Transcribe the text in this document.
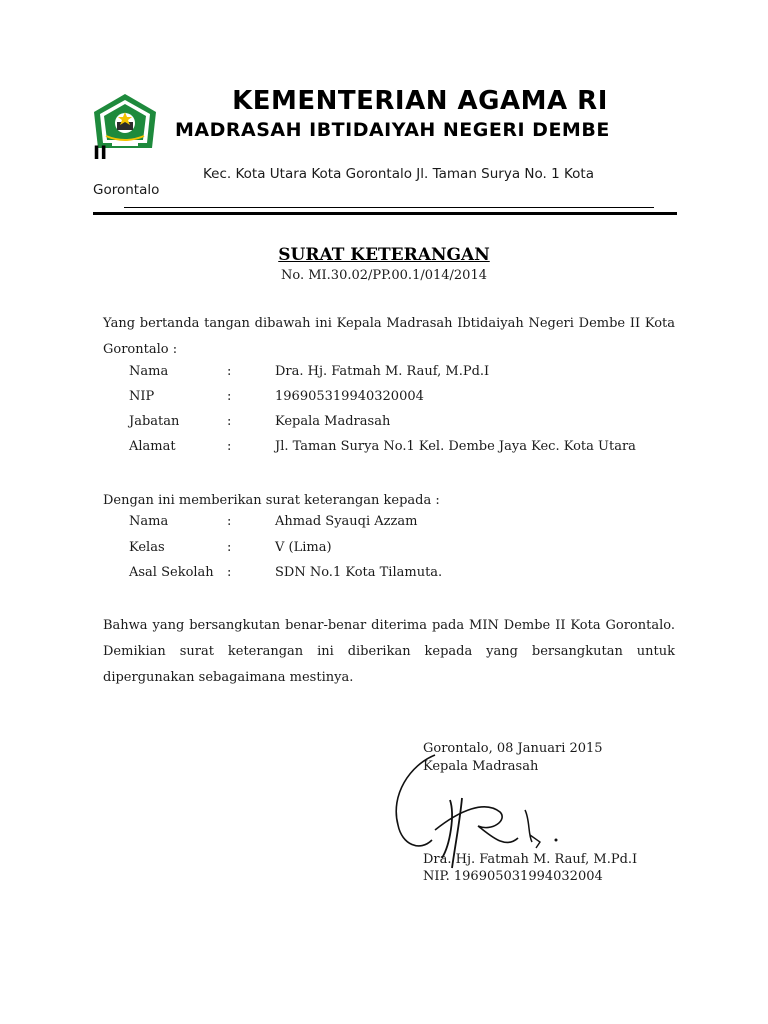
KEMENTERIAN AGAMA RI
MADRASAH IBTIDAIYAH NEGERI DEMBE
II
Kec. Kota Utara Kota Gorontalo Jl. Taman Surya No. 1 Kota
Gorontalo
SURAT KETERANGAN
No. MI.30.02/PP.00.1/014/2014
Yang bertanda tangan dibawah ini Kepala Madrasah Ibtidaiyah Negeri Dembe II Kota Gorontalo :
Nama	:	Dra. Hj. Fatmah M. Rauf, M.Pd.I
NIP	:	196905319940320004
Jabatan	:	Kepala Madrasah
Alamat	:	Jl. Taman Surya No.1 Kel. Dembe Jaya Kec. Kota Utara
Dengan ini memberikan surat keterangan kepada :
Nama	:	Ahmad Syauqi Azzam
Kelas	:	V (Lima)
Asal Sekolah :	SDN No.1 Kota Tilamuta.
Bahwa yang bersangkutan benar-benar diterima pada MIN Dembe II Kota Gorontalo. Demikian surat keterangan ini diberikan kepada yang bersangkutan untuk dipergunakan sebagaimana mestinya.
Gorontalo, 08 Januari 2015
Kepala Madrasah
Dra. Hj. Fatmah M. Rauf, M.Pd.I
NIP. 196905031994032004
